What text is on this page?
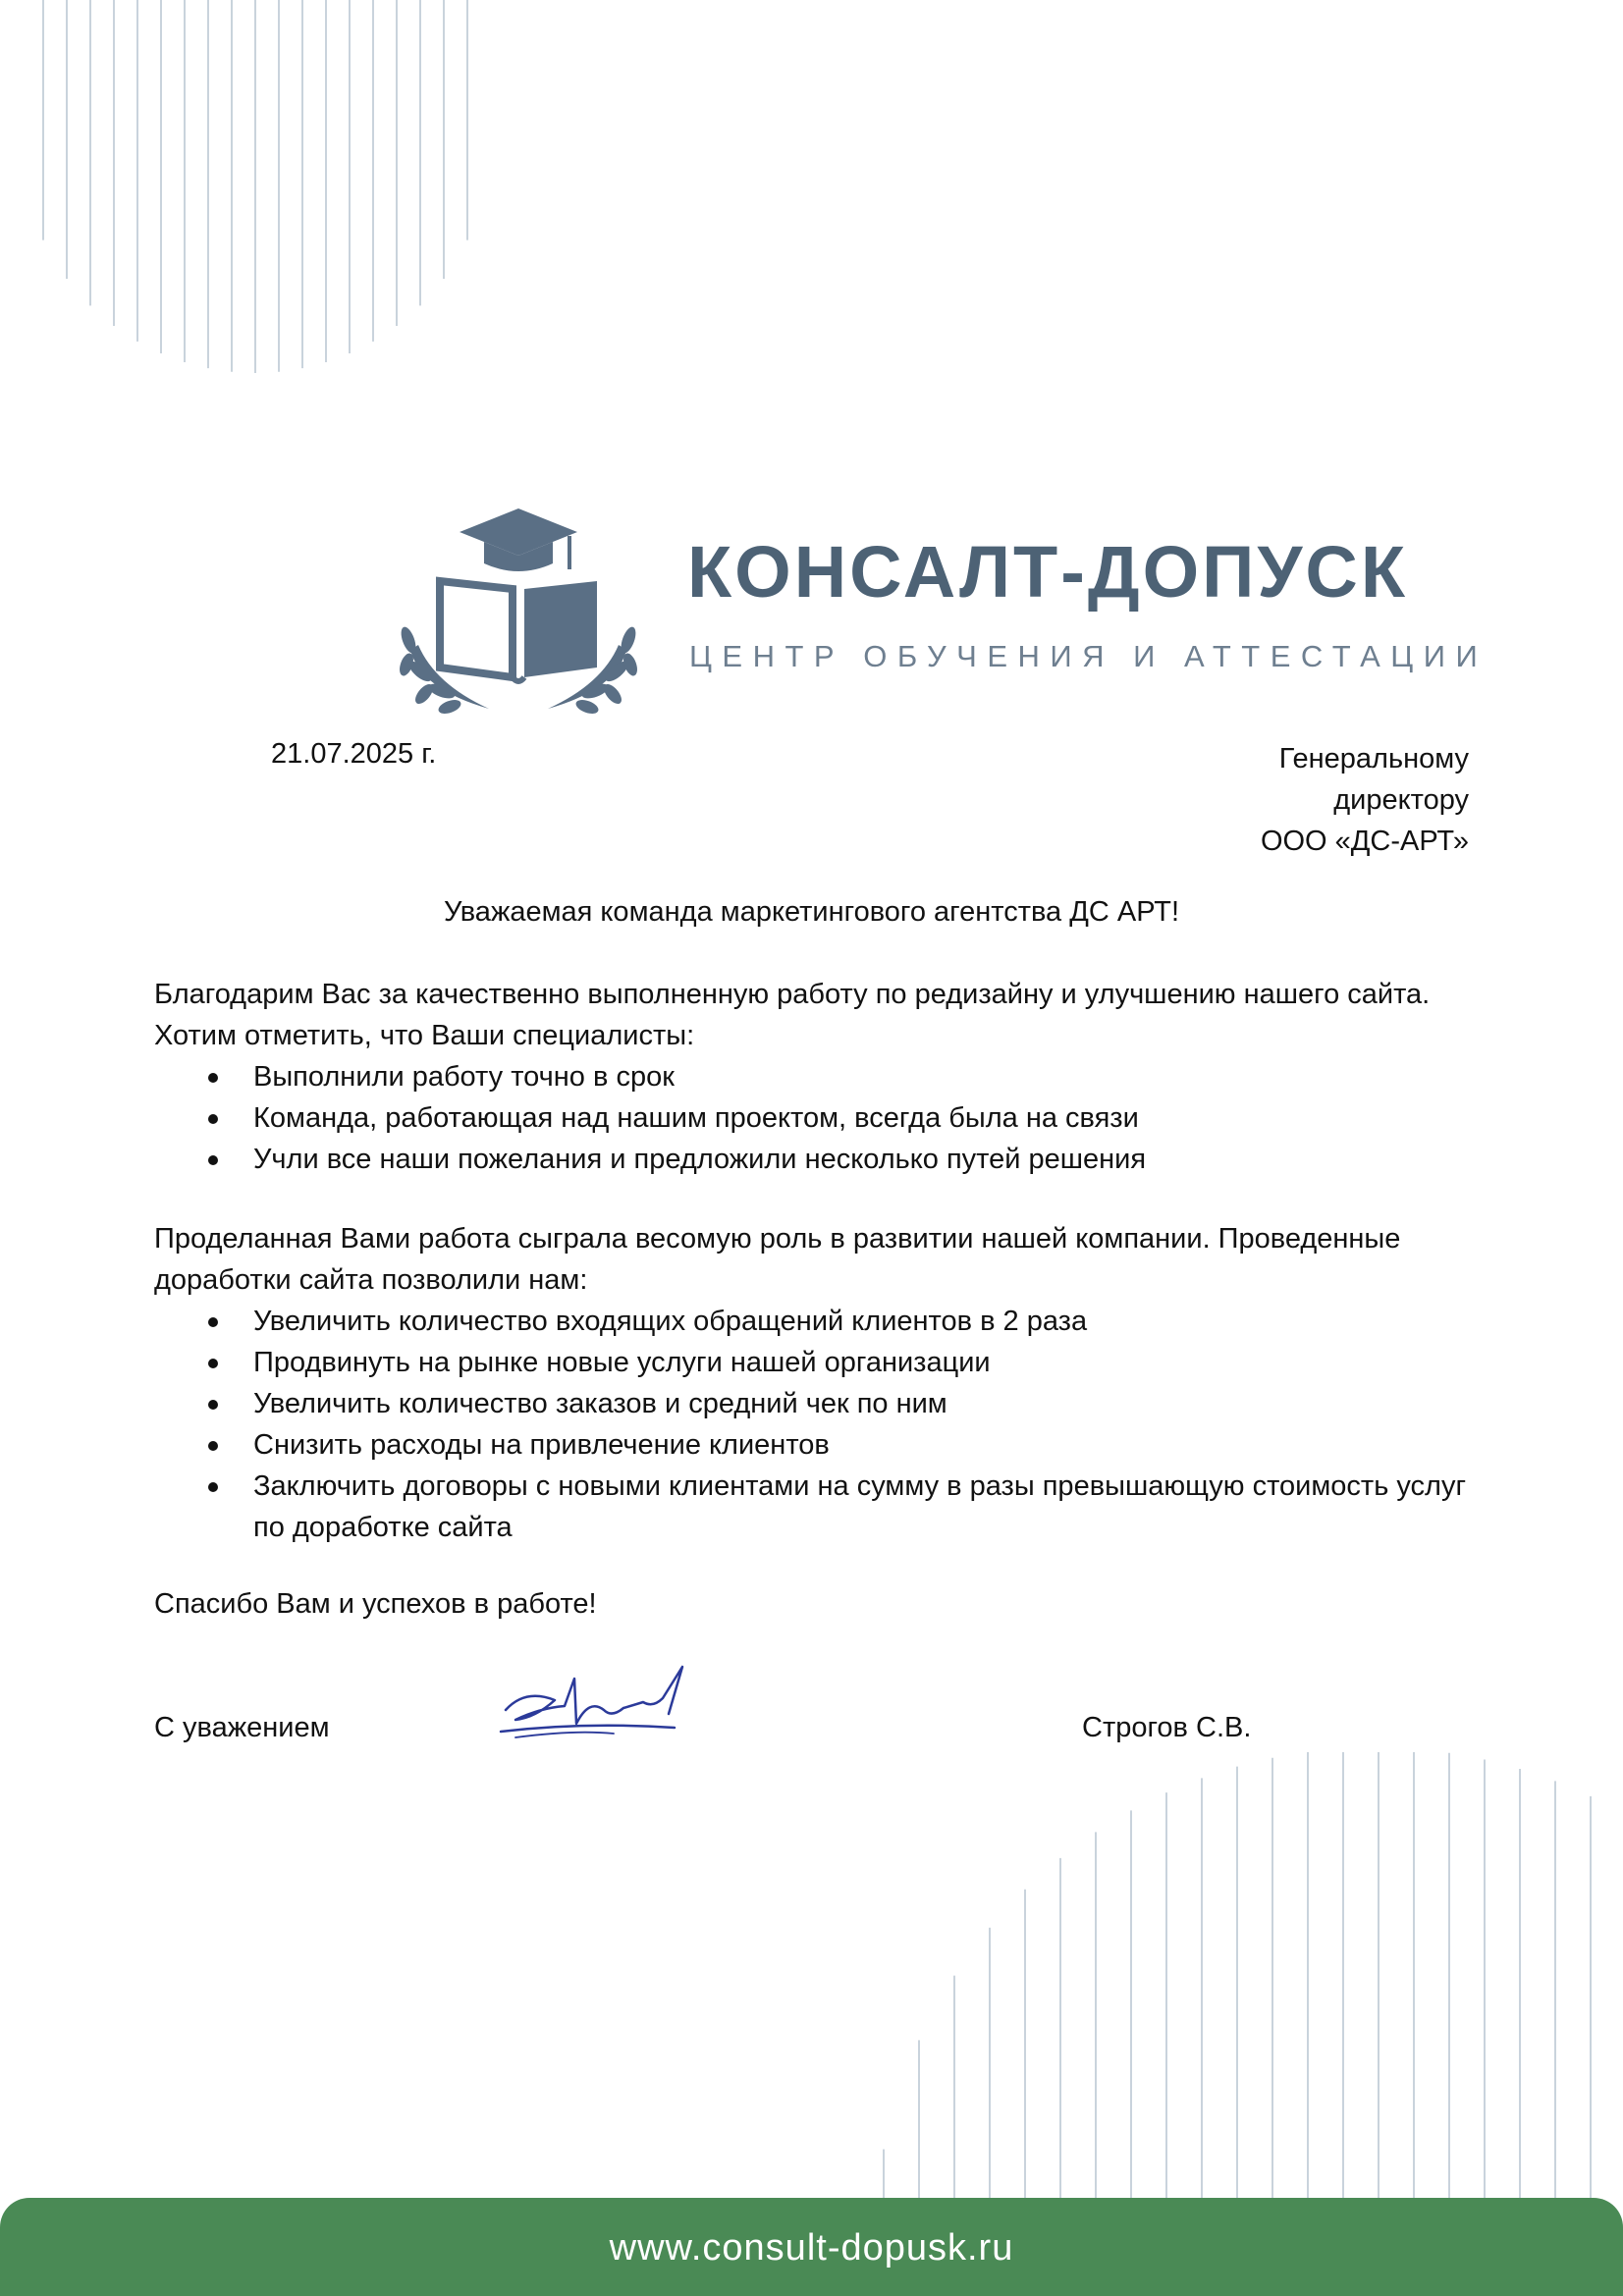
КОНСАЛТ-ДОПУСК
ЦЕНТР ОБУЧЕНИЯ И АТТЕСТАЦИИ
21.07.2025 г.	Генеральному
директору
ООО «ДС-АРТ»
Уважаемая команда маркетингового агентства ДС АРТ!

Благодарим Вас за качественно выполненную работу по редизайну и улучшению нашего сайта. Хотим отметить, что Ваши специалисты:

Выполнили работу точно в срок
Команда, работающая над нашим проектом, всегда была на связи
Учли все наши пожелания и предложили несколько путей решения

Проделанная Вами работа сыграла весомую роль в развитии нашей компании. Проведенные доработки сайта позволили нам:

Увеличить количество входящих обращений клиентов в 2 раза
Продвинуть на рынке новые услуги нашей организации
Увеличить количество заказов и средний чек по ним
Снизить расходы на привлечение клиентов
Заключить договоры с новыми клиентами на сумму в разы превышающую стоимость услуг по доработке сайта
Спасибо Вам и успехов в работе!
С уважением	Строгов С.В.
www.consult-dopusk.ru
